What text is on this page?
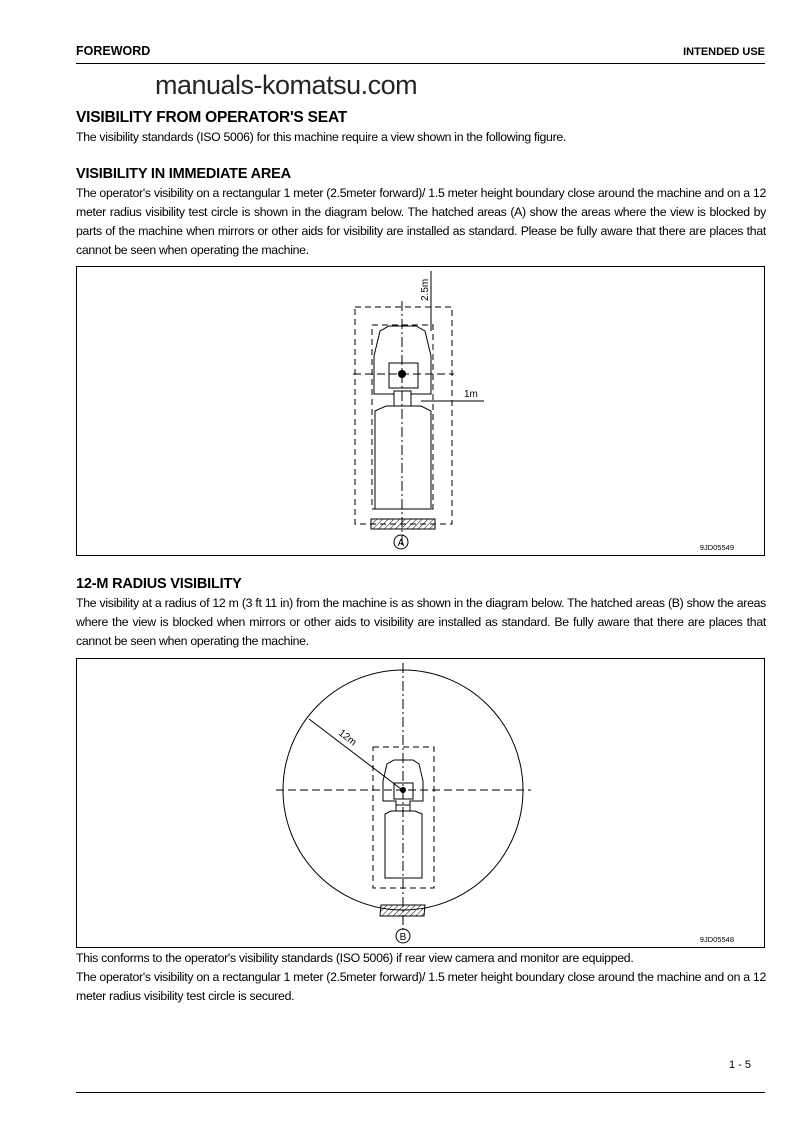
FOREWORD	INTENDED USE
manuals-komatsu.com
VISIBILITY FROM OPERATOR'S SEAT

The visibility standards (ISO 5006) for this machine require a view shown in the following figure.

VISIBILITY IN IMMEDIATE AREA

The operator's visibility on a rectangular 1 meter (2.5meter forward)/ 1.5 meter height boundary close around the machine and on a 12 meter radius visibility test circle is shown in the diagram below. The hatched areas (A) show the areas where the view is blocked by parts of the machine when mirrors or other aids for visibility are installed as standard. Please be fully aware that there are places that cannot be seen when operating the machine.

2.5m
1m
A	9JD05549
12-M RADIUS VISIBILITY

The visibility at a radius of 12 m (3 ft 11 in) from the machine is as shown in the diagram below. The hatched areas (B) show the areas where the view is blocked when mirrors or other aids to visibility are installed as standard. Be fully aware that there are places that cannot be seen when operating the machine.

12m
B	9JD05548

This conforms to the operator's visibility standards (ISO 5006) if rear view camera and monitor are equipped.

The operator's visibility on a rectangular 1 meter (2.5meter forward)/ 1.5 meter height boundary close around the machine and on a 12 meter radius visibility test circle is secured.

1 - 5
